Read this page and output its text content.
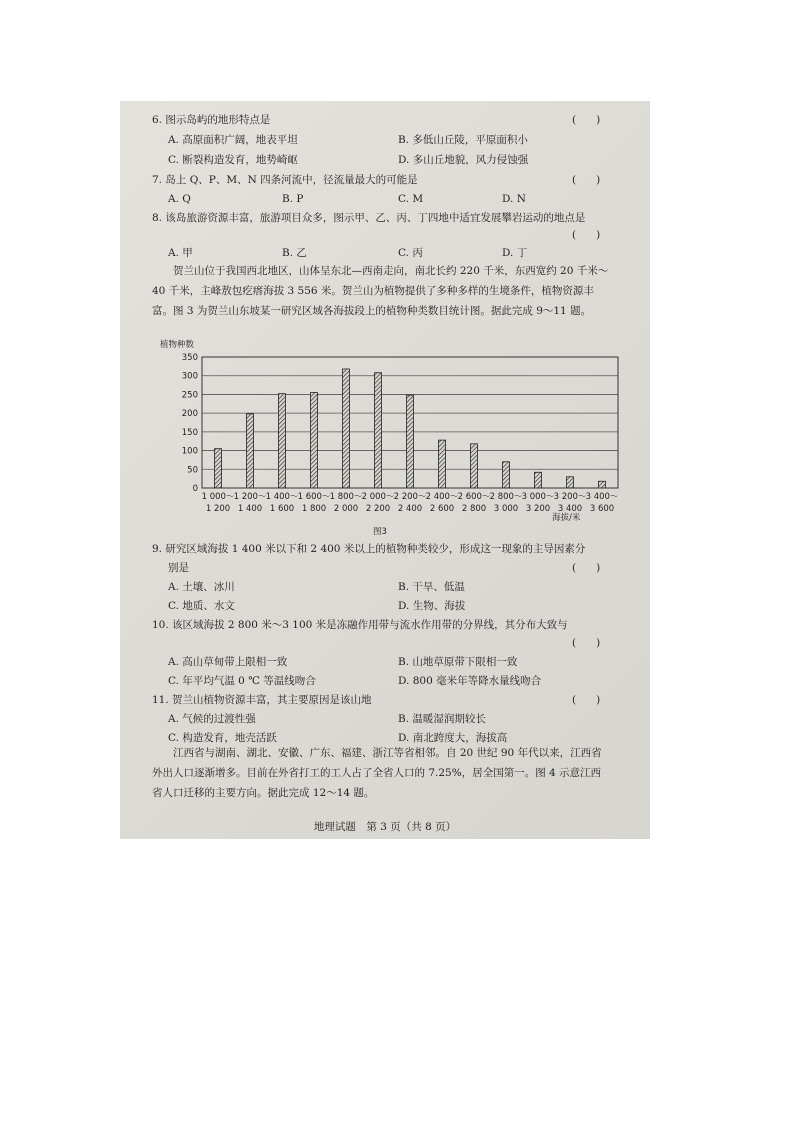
6. 图示岛屿的地形特点是	(      )
A. 高原面积广阔，地表平坦	B. 多低山丘陵，平原面积小
C. 断裂构造发育，地势崎岖	D. 多山丘地貌，风力侵蚀强
7. 岛上 Q、P、M、N 四条河流中，径流量最大的可能是	(      )
A. Q	B. P	C. M	D. N
8. 该岛旅游资源丰富，旅游项目众多，图示甲、乙、丙、丁四地中适宜发展攀岩运动的地点是
(      )
A. 甲	B. 乙	C. 丙	D. 丁
贺兰山位于我国西北地区，山体呈东北—西南走向，南北长约 220 千米，东西宽约 20 千米～40 千米，主峰敖包疙瘩海拔 3 556 米。贺兰山为植物提供了多种多样的生境条件，植物资源丰富。图 3 为贺兰山东坡某一研究区域各海拔段上的植物种类数目统计图。据此完成 9～11 题。
植物种数
0
50
100
150
200
250
300
350
1 000～
1 200
1 200～
1 400
1 400～
1 600
1 600～
1 800
1 800～
2 000
2 000～
2 200
2 200～
2 400
2 400～
2 600
2 600～
2 800
2 800～
3 000
3 000～
3 200
3 200～
3 400
3 400～
3 600
海拔/米
图3
9. 研究区域海拔 1 400 米以下和 2 400 米以上的植物种类较少，形成这一现象的主导因素分
别是	(      )
A. 土壤、冰川	B. 干旱、低温
C. 地质、水文	D. 生物、海拔
10. 该区域海拔 2 800 米～3 100 米是冻融作用带与流水作用带的分界线，其分布大致与
(      )
A. 高山草甸带上限相一致	B. 山地草原带下限相一致
C. 年平均气温 0 ℃ 等温线吻合	D. 800 毫米年等降水量线吻合
11. 贺兰山植物资源丰富，其主要原因是该山地	(      )
A. 气候的过渡性强	B. 温暖湿润期较长
C. 构造发育，地壳活跃	D. 南北跨度大，海拔高
江西省与湖南、湖北、安徽、广东、福建、浙江等省相邻。自 20 世纪 90 年代以来，江西省外出人口逐渐增多。目前在外省打工的工人占了全省人口的 7.25%，居全国第一。图 4 示意江西省人口迁移的主要方向。据此完成 12～14 题。
地理试题　第 3 页（共 8 页）
